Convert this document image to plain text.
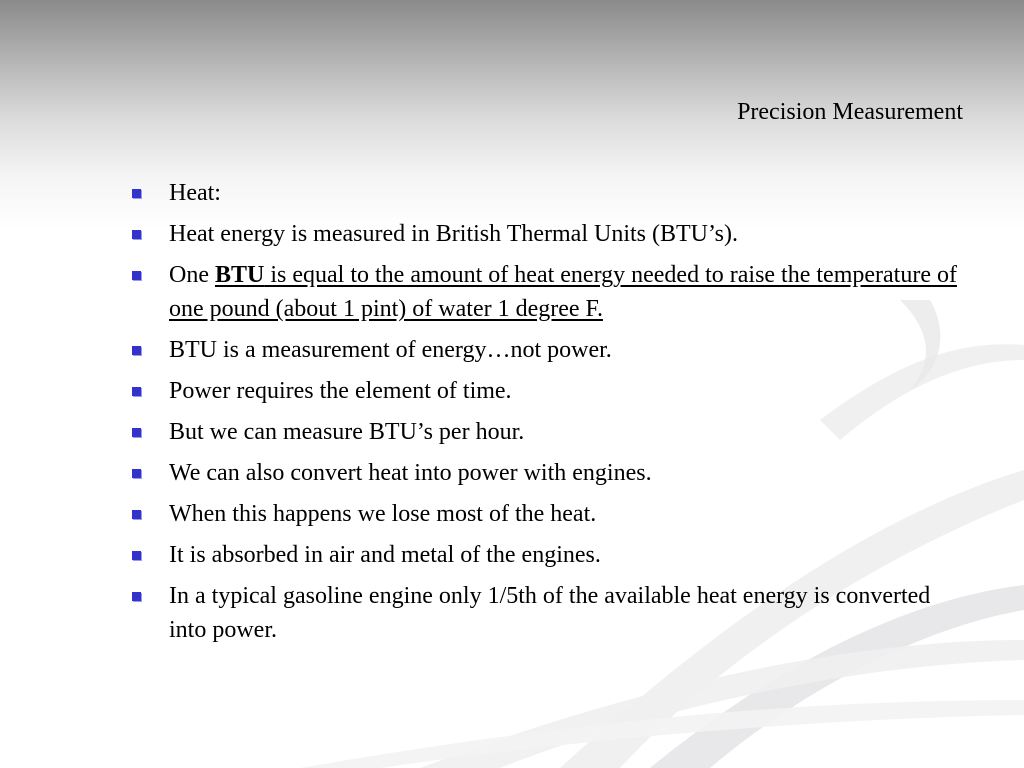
Precision Measurement
Heat:
Heat energy is measured in British Thermal Units (BTU’s).
One BTU is equal to the amount of heat energy needed to raise the temperature of one pound (about 1 pint) of water 1 degree F.
BTU is a measurement of energy…not power.
Power requires the element of time.
But we can measure BTU’s per hour.
We can also convert heat into power with engines.
When this happens we lose most of the heat.
It is absorbed in air and metal of the engines.
In a typical gasoline engine only 1/5th of the available heat energy is converted into power.
